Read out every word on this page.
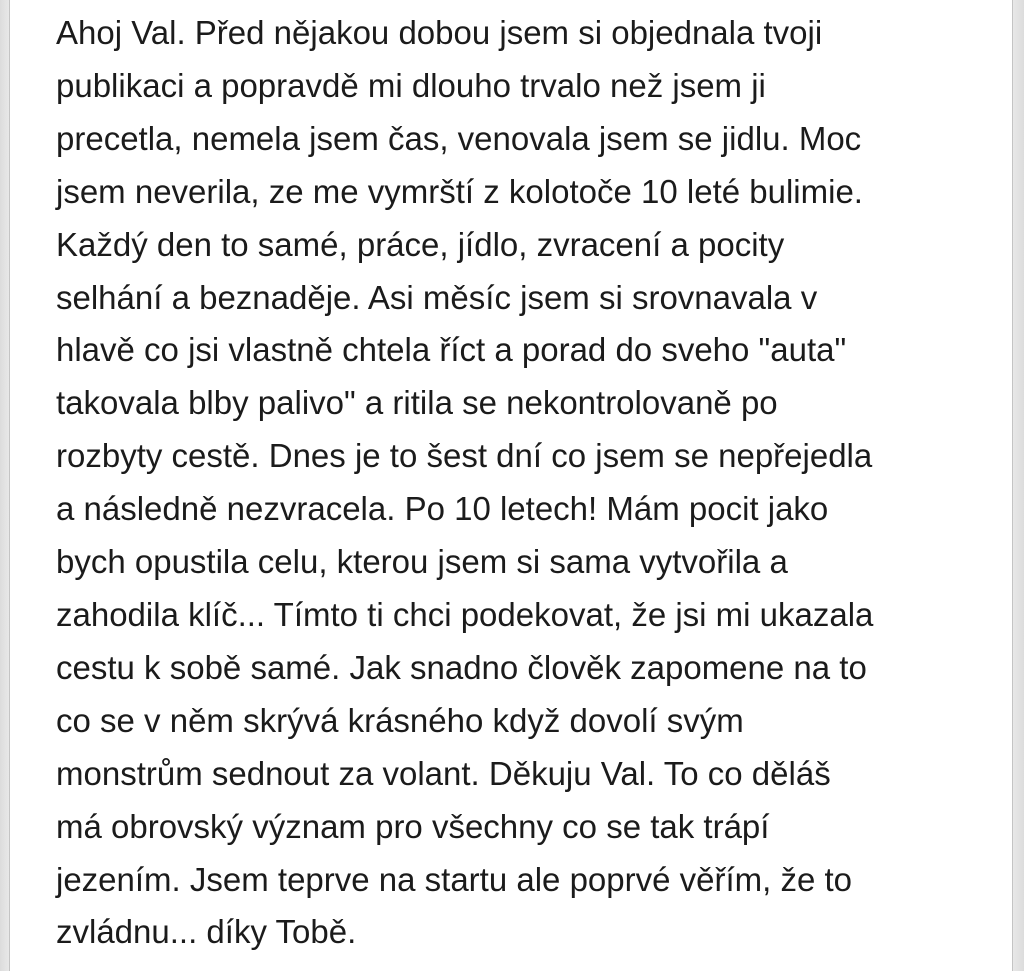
Ahoj Val. Před nějakou dobou jsem si objednala tvoji
publikaci a popravdě mi dlouho trvalo než jsem ji
precetla, nemela jsem čas, venovala jsem se jidlu. Moc
jsem neverila, ze me vymrští z kolotoče 10 leté bulimie.
Každý den to samé, práce, jídlo, zvracení a pocity
selhání a beznaděje. Asi měsíc jsem si srovnavala v
hlavě co jsi vlastně chtela říct a porad do sveho "auta"
takovala blby palivo" a ritila se nekontrolovaně po
rozbyty cestě. Dnes je to šest dní co jsem se nepřejedla
a následně nezvracela. Po 10 letech! Mám pocit jako
bych opustila celu, kterou jsem si sama vytvořila a
zahodila klíč... Tímto ti chci podekovat, že jsi mi ukazala
cestu k sobě samé. Jak snadno člověk zapomene na to
co se v něm skrývá krásného když dovolí svým
monstrům sednout za volant. Děkuju Val. To co děláš
má obrovský význam pro všechny co se tak trápí
jezením. Jsem teprve na startu ale poprvé věřím, že to
zvládnu... díky Tobě.
